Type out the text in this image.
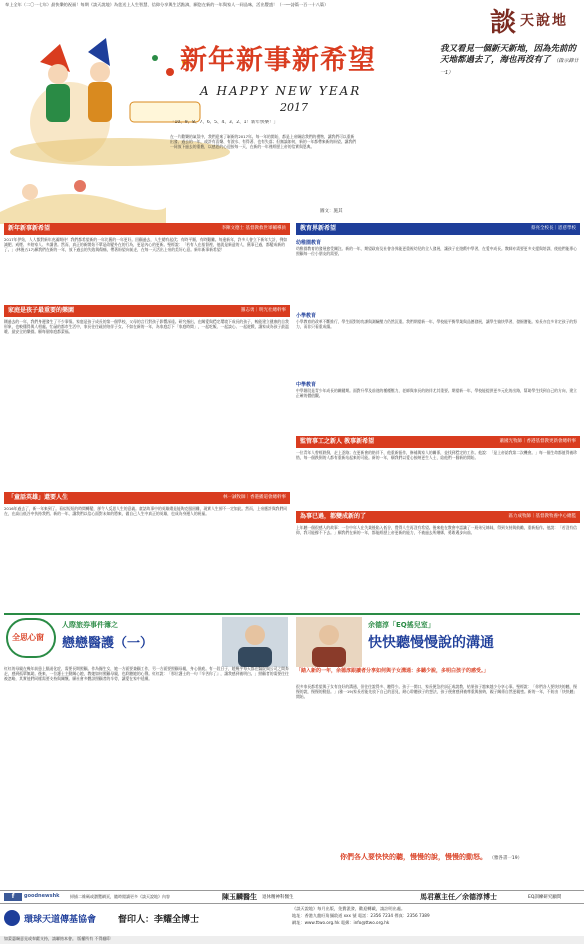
奉上全年（二〇一七年）最快樂的祝福！每期《談天說地》為您送上人生智慧、信仰分享與生活點滴，願您在新的一年與家人一同品味，活出豐盛！（一──詩篇一百一十八篇）
談 天說地
新年新事新希望
A HAPPY NEW YEAR
2017
我又看見一個新天新地，因為先前的天地都過去了，海也再沒有了 （啟示錄廿一1）
「10、9、8、7、6、5、4、3、2、1！新年快樂！」
在一片歡樂的氣氛中，我們迎來了嶄新的2017年。每一年的開始，都是上帝賜給我們的禮物，讓我們可以重新出發。過去的一年，或許有喜樂、有淚水、有得著、也有失落；但無論如何，新的一年都帶來新的盼望。讓我們一同放下過去的重擔，以感恩的心迎接每一天，在新的一年裡經歷上帝的信實與恩典。
圖文：施其
新年新事新希望	李陳文德士 基督教救世軍輔導員
2017年伊始，人人都對新年充滿期待！我們都希望新的一年比舊的一年更好。回顧過去，人生總有起伏；有時平順，有時艱難。每逢新年，許多人會立下新年大計，例如減肥、戒煙、多陪家人、多讀書。然而，真正的新開始不單是改變外在的行為，更是內心的更新。聖經說：「若有人在基督裡，他就是新造的人，舊事已過，都變成新的了。」(林後五17)願我們在新的一年，放下過去的失敗與傷痛，帶著盼望向前走，在每一天活出上帝的美好心意。新年新事新希望！
家庭是孩子最重要的樂園	羅志勇｜明光社總幹事
剛過去的一年，我們身邊發生了不少事情。家庭是孩子成長的第一個學校，父母的言行對孩子影響深遠。研究指出，在關愛與穩定環境下成長的孩子，較能建立健康的自我形象，也較懂得與人相處。忙碌的都市生活中，家長往往疏於陪伴子女。不如在新的一年，為家庭訂下「家庭時間」，一起吃飯、一起談心、一起遊戲，讓家成為孩子最溫暖、最安全的樂園。願每個家庭都蒙福。
「童話英雄」還要人生	林一誠牧師｜香港播道會總幹事
2016年過去了，新一年來到了。看似短短的時間轉變，卻令人反思人生的意義。童話故事中的英雄總是能夠克服困難，現實人生卻不一定如此。然而，上帝應許與我們同在，在高山低谷中扶持我們。新的一年，讓我們以信心面對未知的將來，做自己人生中真正的英雄，也成為身邊人的祝福。
教育界新希望	蔡亮全校長｜恩慈學校
幼稚園教育
幼稚園教育的發展愈受關注。新的一年，期望政府及社會各界能更重視幼兒的全人發展，讓孩子在遊戲中學習，在愛中成長。教師亦需要更多支援與培訓，使他們能專心照顧每一位小朋友的需要。
小學教育
小學教育的改革不斷推行，學生面對的功課與測驗壓力仍然沉重。我們期望新一年，學校能平衡學業與品德發展，讓學生愉快學習，發掘潛能。家長亦宜多肯定孩子的努力，而非只看重成績。
中學教育
中學階段是青少年成長的關鍵期。面對升學及前途的種種壓力，老師與家長的陪伴尤其重要。期望新一年，學校能提供更多元化的出路，幫助學生找到自己的方向，建立正確的價值觀。
監管事工之新人 教事新希望	蕭國光牧師｜香港基督教更新會總幹事
一位青年人曾經跌倒，走上歪路；在更新會的陪伴下，他重新振作，修補與家人的關係，並找到穩定的工作。他說：「是上帝給我第二次機會。」每一個生命都值得被珍惜，每一個跌倒的人都有重新站起來的可能。新的一年，願我們以愛心接納更生人士，給他們一個新的開始。
為事已過，都變成新的了	區力成牧師｜基督教牧養中心總監
上年聽一個很感人的故事：一位中年人在失業後陷入低谷，覺得人生再沒有希望。後來他在教會中認識了一班弟兄姊妹，得到支持與鼓勵，重新振作。他說：「若沒有信仰，我可能撐不下去。」願我們在新的一年，都能經歷上帝更新的能力，不被過去所綑綁，勇敢邁步向前。
全思心窗
人際旅券事件簿之
戀戀醫護（一）
紅紅的母親在幾年前患上腦退化症，需要長期照顧。作為獨生女，她一方面要兼顧工作，另一方面要照顧母親，身心俱疲。有一段日子，她幾乎每天都在醫院與公司之間奔走，感到孤單無助。後來，一位護士主動關心她，教她如何照顧母親，也聆聽她的心聲。紅紅說：「那位護士的一句『辛苦你了』，讓我感到被明白。」照顧者的需要往往被忽略，其實他們同樣需要支持與關懷。願社會多體諒照顧者的辛勞，讓愛在家中延續。
余德淳「EQ搖兒室」
快快聽慢慢說的溝通
「踏入新的一年，余德淳跟讀者分享如何與子女溝通：多聽少說，多明白孩子的感受。」
很多家長都希望與子女有良好的溝通，但往往說得多、聽得少。孩子一開口，家長便急於糾正或說教，結果孩子越來越少分享心事。聖經說：「你們各人要快快的聽，慢慢的說，慢慢的動怒。」(雅一19)家長若能先放下自己的意見，耐心聆聽孩子的想法，孩子便會感到被尊重與接納，親子關係自然更親密。新的一年，不妨由「快快聽」開始。
你們各人要快快的聽，慢慢的說，慢慢的動怒。 （雅各書一19）
f	goodnewshk	掃描二維碼或瀏覽網頁，隨時閱讀更多《談天說地》內容	陳玉麟醫生 退休精神科醫生	馬君蕙主任／余德淳博士	EQ訓練研究顧問
環球天道傳基協會 督印人：李耀全博士
《談天說地》每月出版，免費派發，歡迎轉載，請註明出處。
地址：香港九龍旺角彌敦道 xxx 號 電話：2356 7234 傳真：2356 7389
網址：www.ttwo.org.hk 電郵：info@ttwo.org.hk
如蒙惠賜意見或奉獻支持，請聯絡本會。 版權所有 不得翻印
